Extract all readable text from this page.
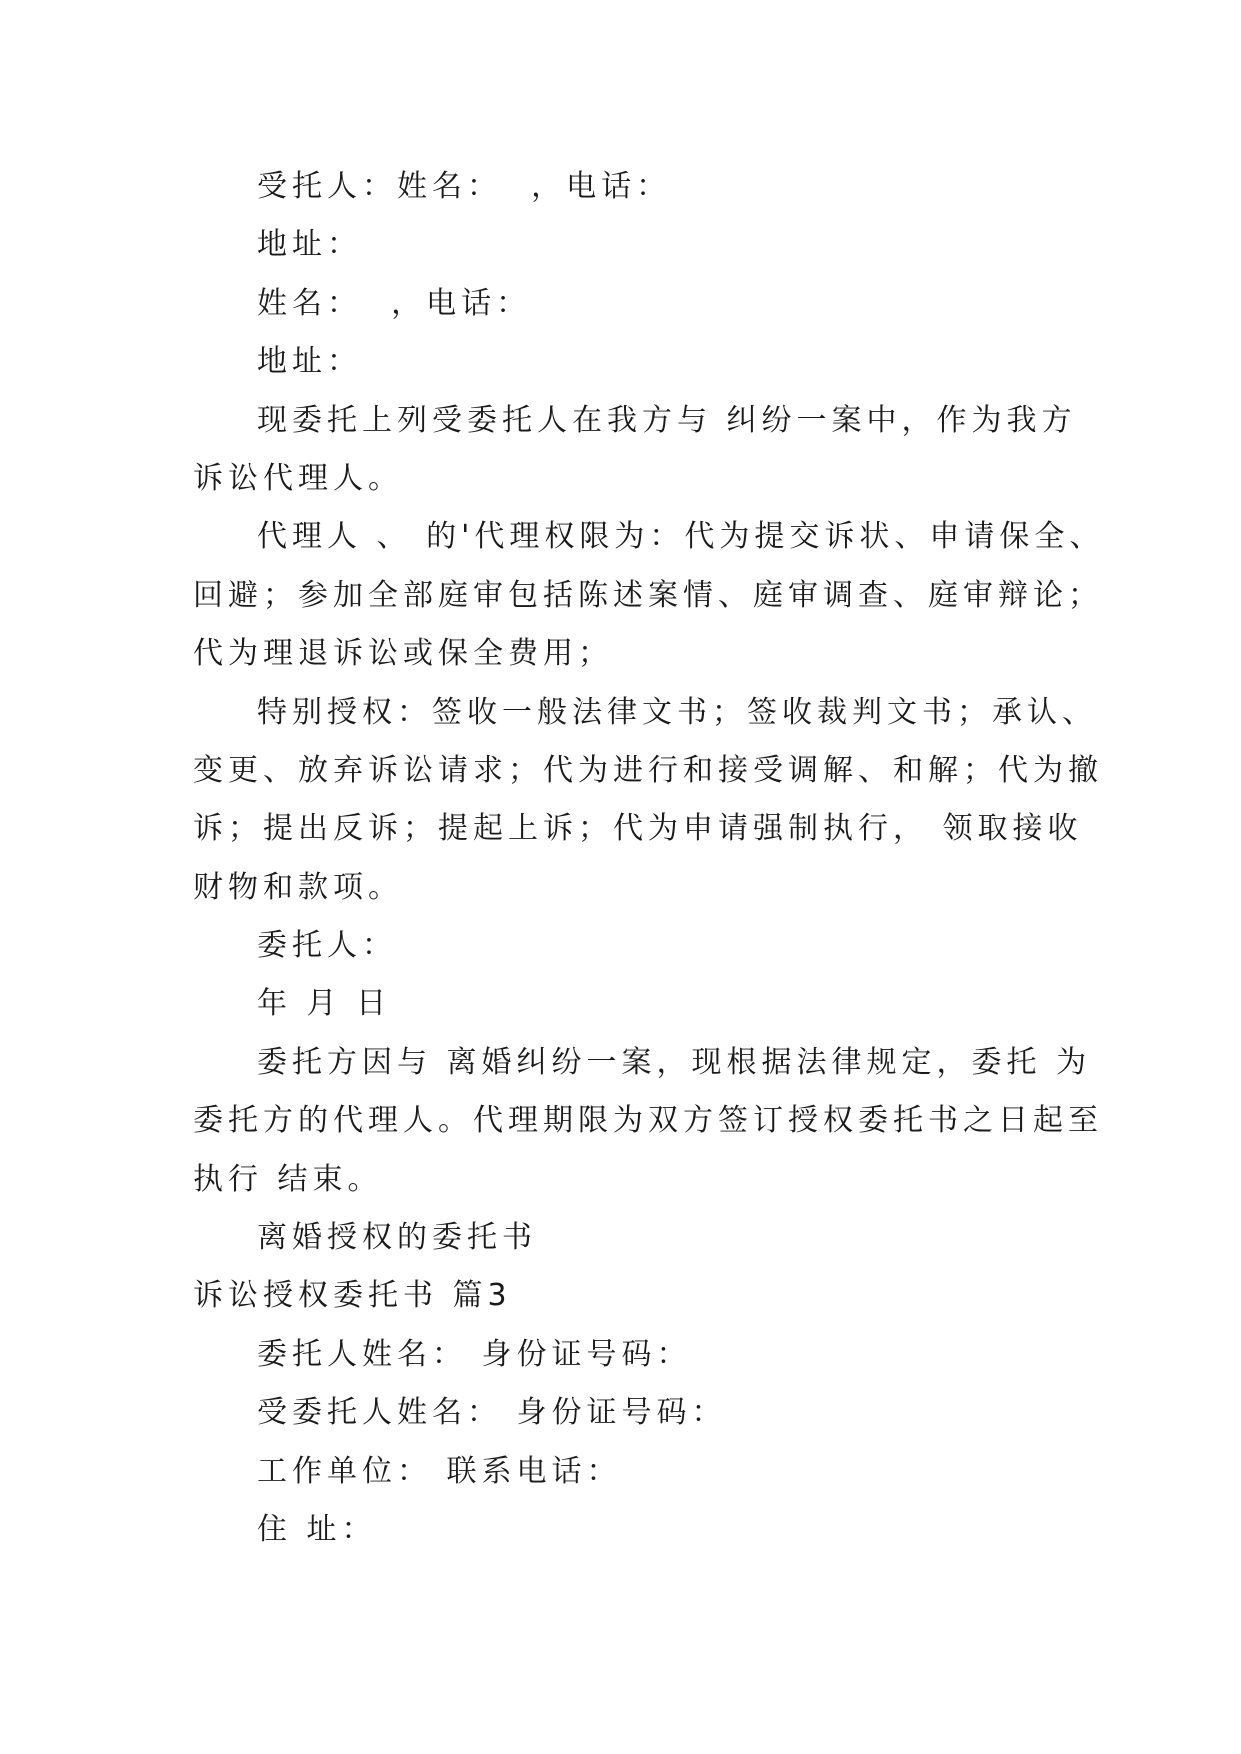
受托人：姓名：  ，电话：

地址：

姓名：  ，电话：

地址：

现委托上列受委托人在我方与 纠纷一案中，作为我方

诉讼代理人。

代理人 、 的'代理权限为：代为提交诉状、申请保全、

回避；参加全部庭审包括陈述案情、庭审调查、庭审辩论；

代为理退诉讼或保全费用；

特别授权：签收一般法律文书；签收裁判文书；承认、

变更、放弃诉讼请求；代为进行和接受调解、和解；代为撤

诉；提出反诉；提起上诉；代为申请强制执行， 领取接收

财物和款项。

委托人：

年 月 日

委托方因与 离婚纠纷一案，现根据法律规定，委托 为

委托方的代理人。代理期限为双方签订授权委托书之日起至

执行 结束。

离婚授权的委托书

诉讼授权委托书 篇3

委托人姓名： 身份证号码：

受委托人姓名： 身份证号码：

工作单位： 联系电话：

住 址：
